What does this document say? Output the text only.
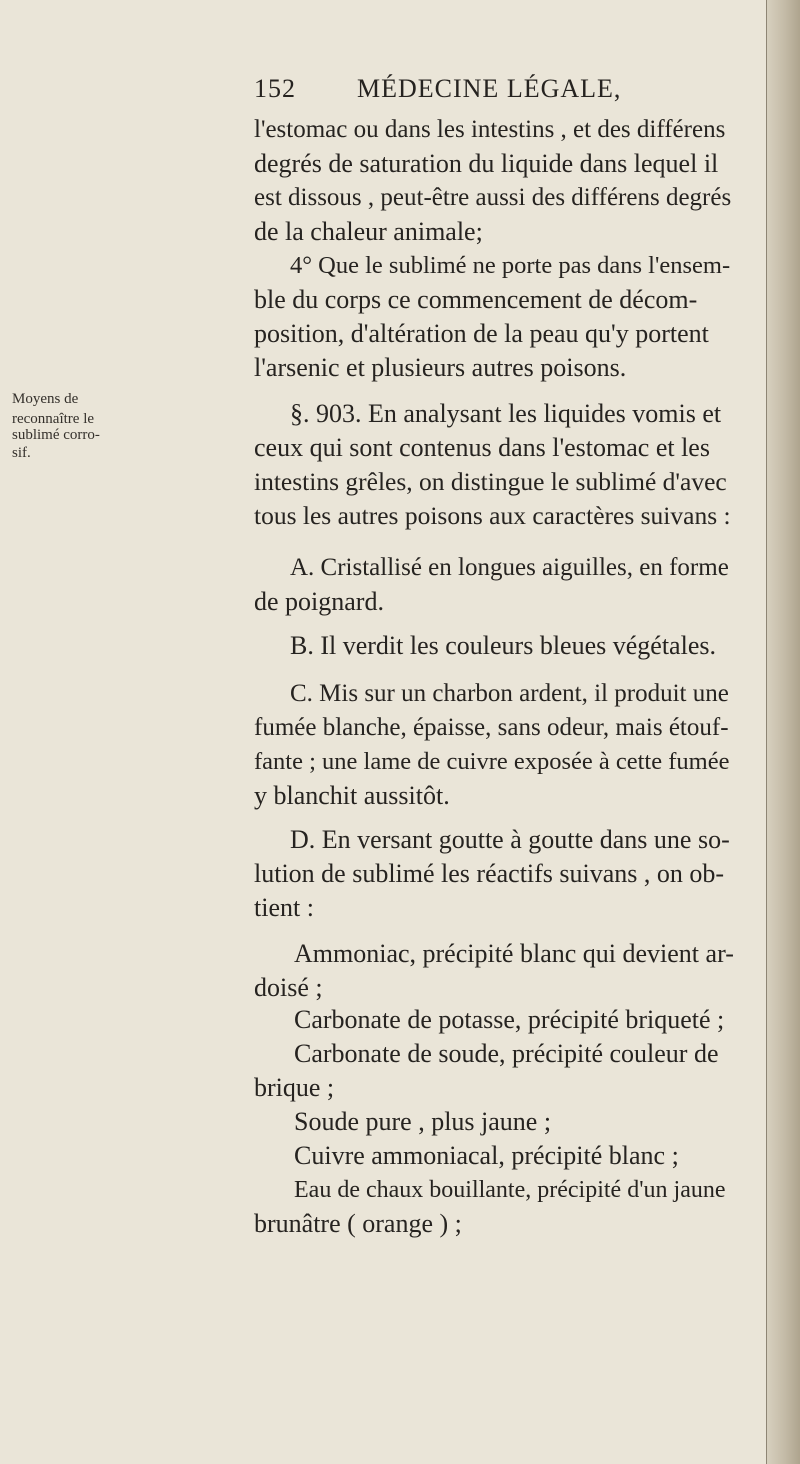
152 MÉDECINE LÉGALE,
Moyens de
reconnaître le
sublimé corro-
sif.
l'estomac ou dans les intestins , et des différens
degrés de saturation du liquide dans lequel il
est dissous , peut-être aussi des différens degrés
de la chaleur animale;
4° Que le sublimé ne porte pas dans l'ensem-
ble du corps ce commencement de décom-
position, d'altération de la peau qu'y portent
l'arsenic et plusieurs autres poisons.
§. 903. En analysant les liquides vomis et
ceux qui sont contenus dans l'estomac et les
intestins grêles, on distingue le sublimé d'avec
tous les autres poisons aux caractères suivans :
A. Cristallisé en longues aiguilles, en forme
de poignard.
B. Il verdit les couleurs bleues végétales.
C. Mis sur un charbon ardent, il produit une
fumée blanche, épaisse, sans odeur, mais étouf-
fante ; une lame de cuivre exposée à cette fumée
y blanchit aussitôt.
D. En versant goutte à goutte dans une so-
lution de sublimé les réactifs suivans , on ob-
tient :
Ammoniac, précipité blanc qui devient ar-
doisé ;
Carbonate de potasse, précipité briqueté ;
Carbonate de soude, précipité couleur de
brique ;
Soude pure , plus jaune ;
Cuivre ammoniacal, précipité blanc ;
Eau de chaux bouillante, précipité d'un jaune
brunâtre ( orange ) ;
